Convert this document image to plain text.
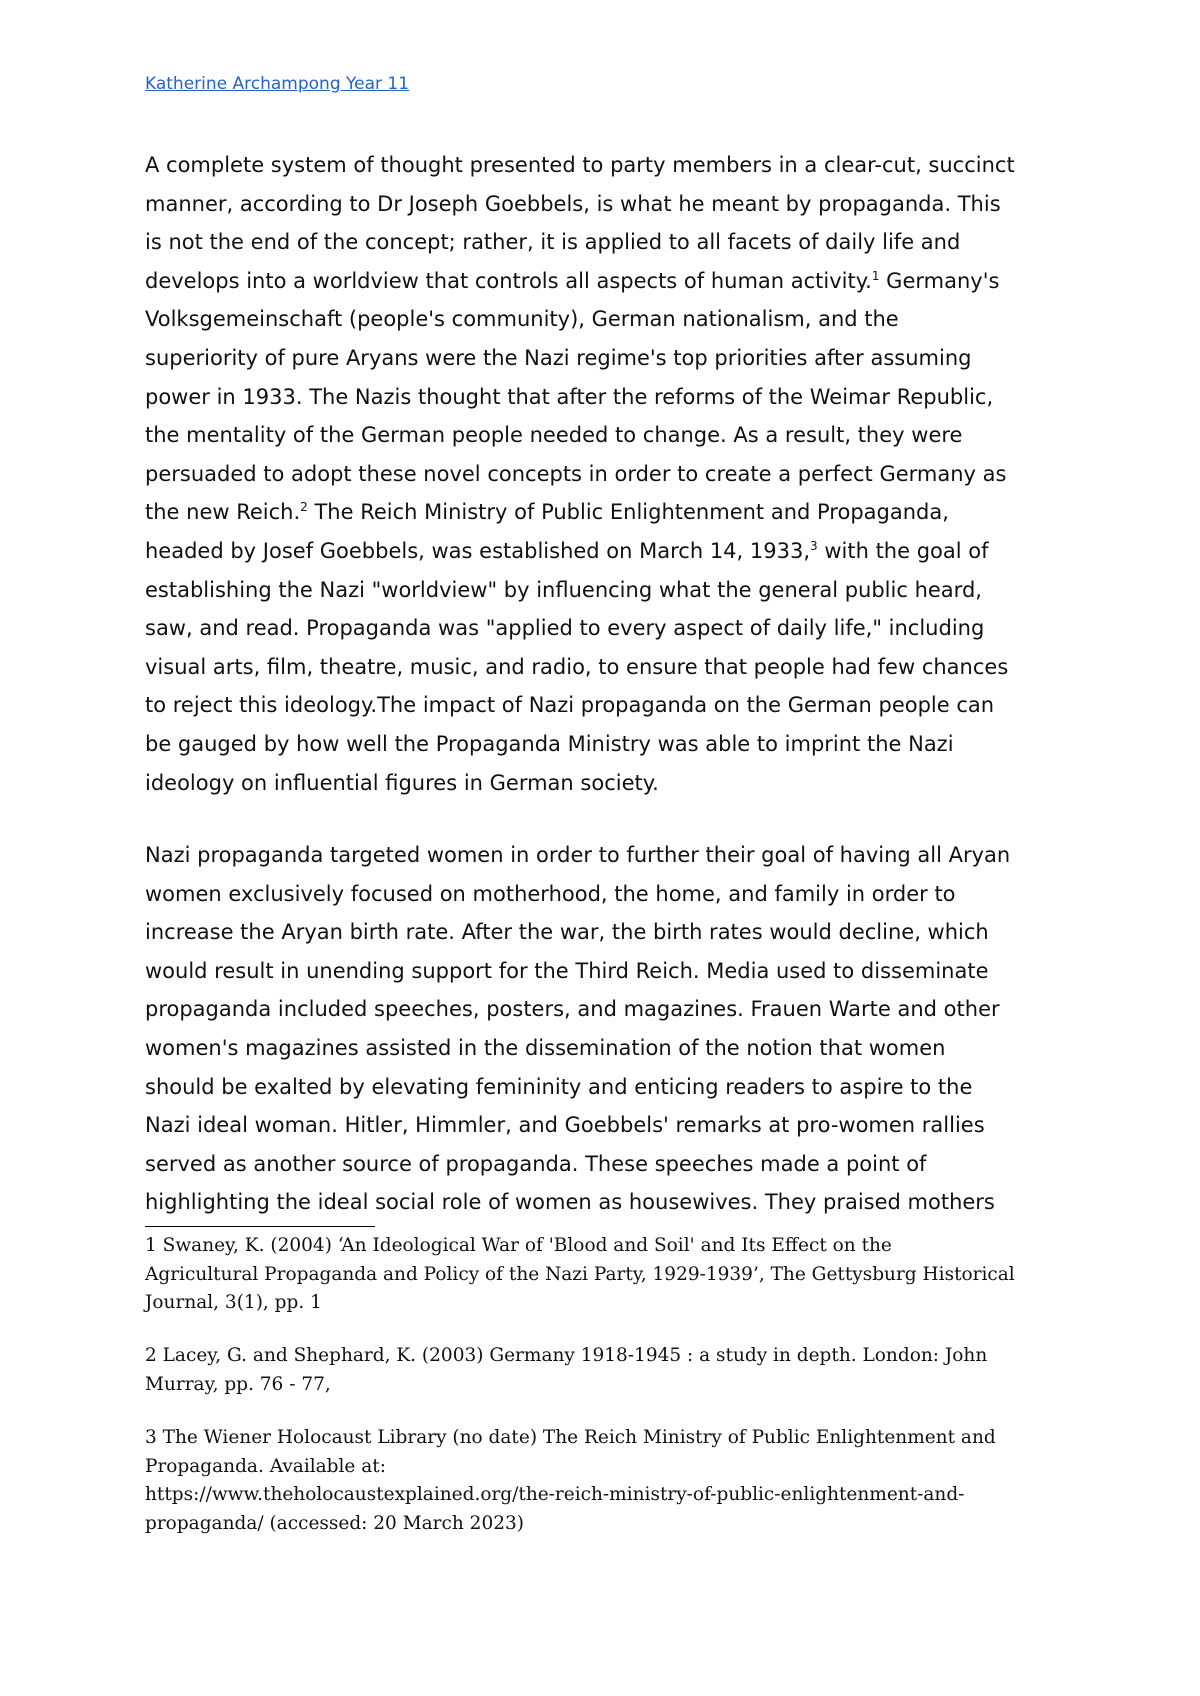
Katherine Archampong Year 11
A complete system of thought presented to party members in a clear-cut, succinct
manner, according to Dr Joseph Goebbels, is what he meant by propaganda. This
is not the end of the concept; rather, it is applied to all facets of daily life and
develops into a worldview that controls all aspects of human activity.$^1$ Germany's
Volksgemeinschaft (people's community), German nationalism, and the
superiority of pure Aryans were the Nazi regime's top priorities after assuming
power in 1933. The Nazis thought that after the reforms of the Weimar Republic,
the mentality of the German people needed to change. As a result, they were
persuaded to adopt these novel concepts in order to create a perfect Germany as
the new Reich.$^2$ The Reich Ministry of Public Enlightenment and Propaganda,
headed by Josef Goebbels, was established on March 14, 1933,$^3$ with the goal of
establishing the Nazi "worldview" by influencing what the general public heard,
saw, and read. Propaganda was "applied to every aspect of daily life," including
visual arts, film, theatre, music, and radio, to ensure that people had few chances
to reject this ideology.The impact of Nazi propaganda on the German people can
be gauged by how well the Propaganda Ministry was able to imprint the Nazi
ideology on influential figures in German society.
Nazi propaganda targeted women in order to further their goal of having all Aryan
women exclusively focused on motherhood, the home, and family in order to
increase the Aryan birth rate. After the war, the birth rates would decline, which
would result in unending support for the Third Reich. Media used to disseminate
propaganda included speeches, posters, and magazines. Frauen Warte and other
women's magazines assisted in the dissemination of the notion that women
should be exalted by elevating femininity and enticing readers to aspire to the
Nazi ideal woman. Hitler, Himmler, and Goebbels' remarks at pro-women rallies
served as another source of propaganda. These speeches made a point of
highlighting the ideal social role of women as housewives. They praised mothers
1 Swaney, K. (2004) ‘An Ideological War of 'Blood and Soil' and Its Effect on the
Agricultural Propaganda and Policy of the Nazi Party, 1929-1939’, The Gettysburg Historical
Journal, 3(1), pp. 1
2 Lacey, G. and Shephard, K. (2003) Germany 1918-1945 : a study in depth. London: John
Murray, pp. 76 - 77,
3 The Wiener Holocaust Library (no date) The Reich Ministry of Public Enlightenment and
Propaganda. Available at:
https://www.theholocaustexplained.org/the-reich-ministry-of-public-enlightenment-and-
propaganda/ (accessed: 20 March 2023)
